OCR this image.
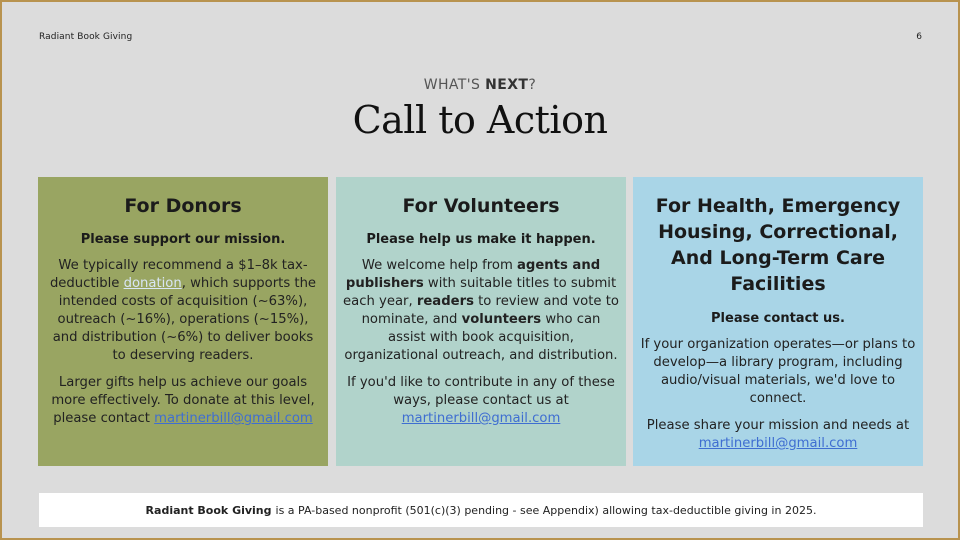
Radiant Book Giving	6
WHAT'S NEXT?
Call to Action
For Donors
Please support our mission.

We typically recommend a $1–8k tax-deductible donation, which supports the intended costs of acquisition (~63%), outreach (~16%), operations (~15%), and distribution (~6%) to deliver books to deserving readers.

Larger gifts help us achieve our goals more effectively. To donate at this level, please contact martinerbill@gmail.com

For Volunteers
Please help us make it happen.

We welcome help from agents and publishers with suitable titles to submit each year, readers to review and vote to nominate, and volunteers who can assist with book acquisition, organizational outreach, and distribution.

If you'd like to contribute in any of these ways, please contact us at martinerbill@gmail.com

For Health, Emergency Housing, Correctional, And Long-Term Care Facilities
Please contact us.

If your organization operates—or plans to develop—a library program, including audio/visual materials, we'd love to connect.

Please share your mission and needs at martinerbill@gmail.com

Radiant Book Giving is a PA-based nonprofit (501(c)(3) pending - see Appendix) allowing tax-deductible giving in 2025.
